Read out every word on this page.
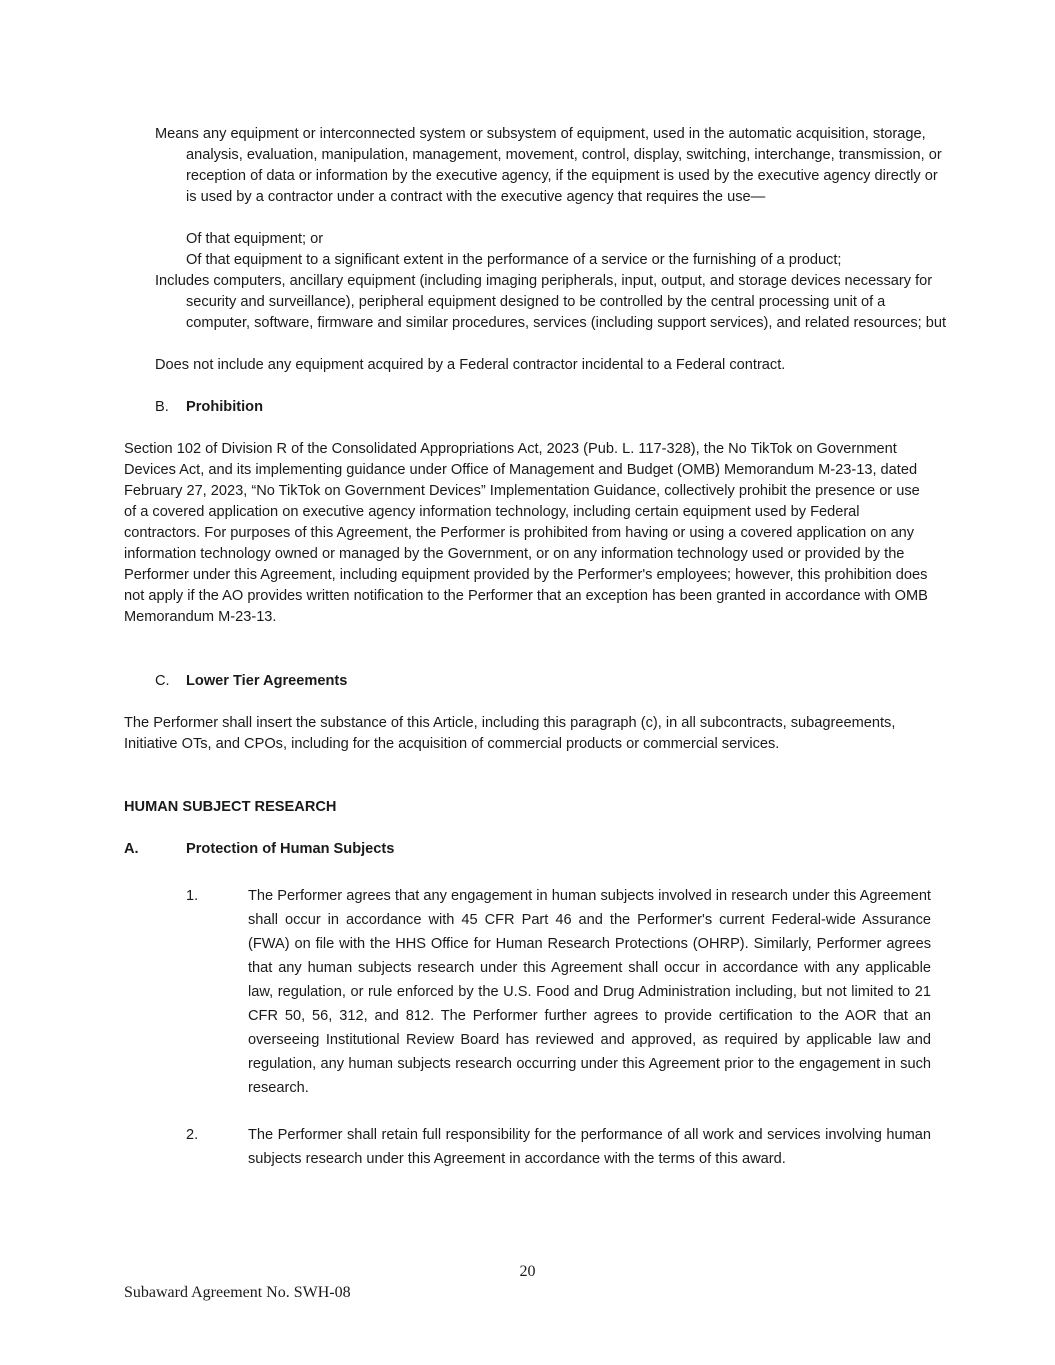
Means any equipment or interconnected system or subsystem of equipment, used in the automatic acquisition, storage, analysis, evaluation, manipulation, management, movement, control, display, switching, interchange, transmission, or reception of data or information by the executive agency, if the equipment is used by the executive agency directly or is used by a contractor under a contract with the executive agency that requires the use—

Of that equipment; or

Of that equipment to a significant extent in the performance of a service or the furnishing of a product;

Includes computers, ancillary equipment (including imaging peripherals, input, output, and storage devices necessary for security and surveillance), peripheral equipment designed to be controlled by the central processing unit of a computer, software, firmware and similar procedures, services (including support services), and related resources; but

Does not include any equipment acquired by a Federal contractor incidental to a Federal contract.

B. Prohibition

Section 102 of Division R of the Consolidated Appropriations Act, 2023 (Pub. L. 117-328), the No TikTok on Government Devices Act, and its implementing guidance under Office of Management and Budget (OMB) Memorandum M-23-13, dated February 27, 2023, “No TikTok on Government Devices” Implementation Guidance, collectively prohibit the presence or use of a covered application on executive agency information technology, including certain equipment used by Federal contractors. For purposes of this Agreement, the Performer is prohibited from having or using a covered application on any information technology owned or managed by the Government, or on any information technology used or provided by the Performer under this Agreement, including equipment provided by the Performer's employees; however, this prohibition does not apply if the AO provides written notification to the Performer that an exception has been granted in accordance with OMB Memorandum M-23-13.

C. Lower Tier Agreements

The Performer shall insert the substance of this Article, including this paragraph (c), in all subcontracts, subagreements, Initiative OTs, and CPOs, including for the acquisition of commercial products or commercial services.

HUMAN SUBJECT RESEARCH
A.	Protection of Human Subjects
1.	The Performer agrees that any engagement in human subjects involved in research under this Agreement shall occur in accordance with 45 CFR Part 46 and the Performer's current Federal-wide Assurance (FWA) on file with the HHS Office for Human Research Protections (OHRP). Similarly, Performer agrees that any human subjects research under this Agreement shall occur in accordance with any applicable law, regulation, or rule enforced by the U.S. Food and Drug Administration including, but not limited to 21 CFR 50, 56, 312, and 812. The Performer further agrees to provide certification to the AOR that an overseeing Institutional Review Board has reviewed and approved, as required by applicable law and regulation, any human subjects research occurring under this Agreement prior to the engagement in such research.

2.	The Performer shall retain full responsibility for the performance of all work and services involving human subjects research under this Agreement in accordance with the terms of this award.

20
Subaward Agreement No. SWH-08
